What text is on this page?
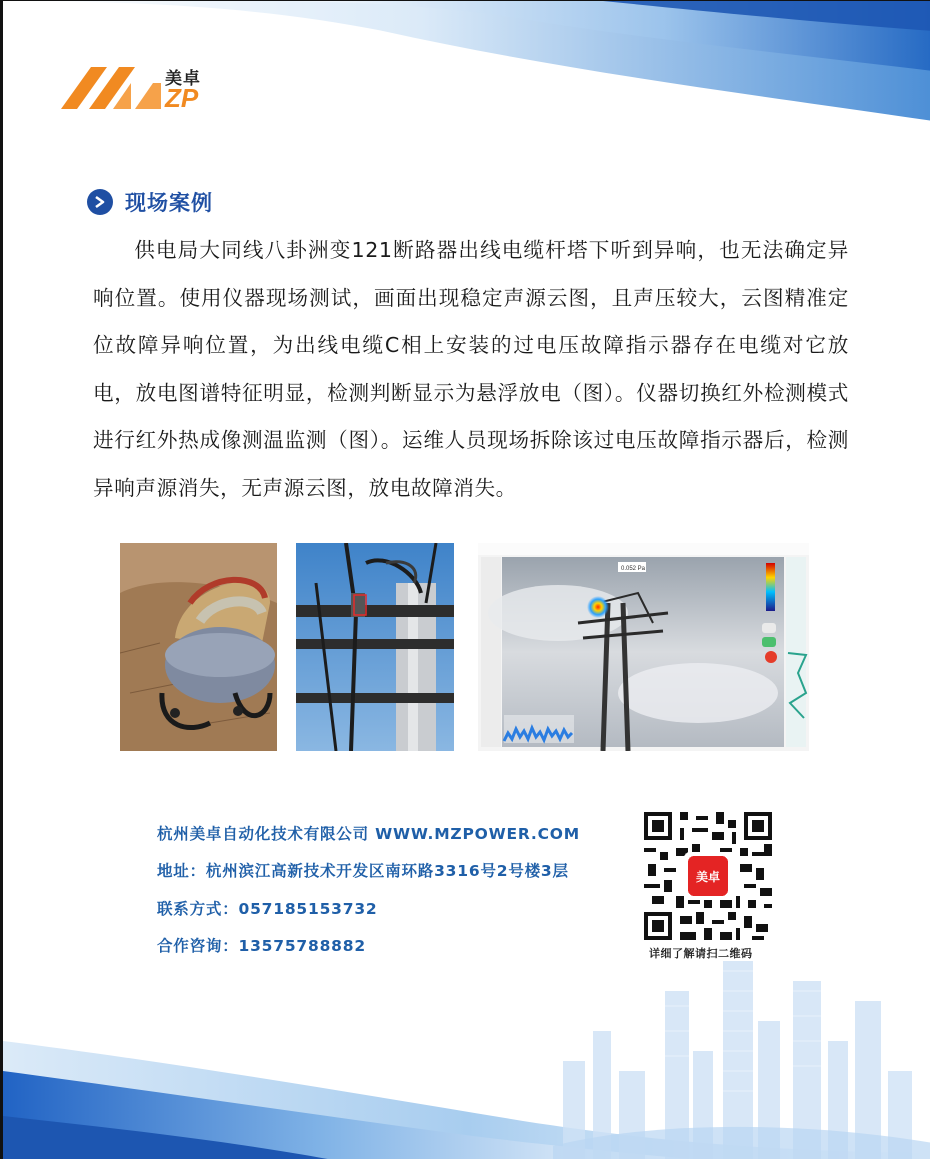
ZP
美卓
现场案例
供电局大同线八卦洲变121断路器出线电缆杆塔下听到异响，也无法确定异响位置。使用仪器现场测试，画面出现稳定声源云图，且声压较大，云图精准定位故障异响位置，为出线电缆C相上安装的过电压故障指示器存在电缆对它放电，放电图谱特征明显，检测判断显示为悬浮放电（图）。仪器切换红外检测模式进行红外热成像测温监测（图）。运维人员现场拆除该过电压故障指示器后，检测异响声源消失，无声源云图，放电故障消失。
0.052 Pa
杭州美卓自动化技术有限公司 WWW.MZPOWER.COM
地址：杭州滨江高新技术开发区南环路3316号2号楼3层
联系方式：057185153732
合作咨询：13575788882
美卓
详细了解请扫二维码
